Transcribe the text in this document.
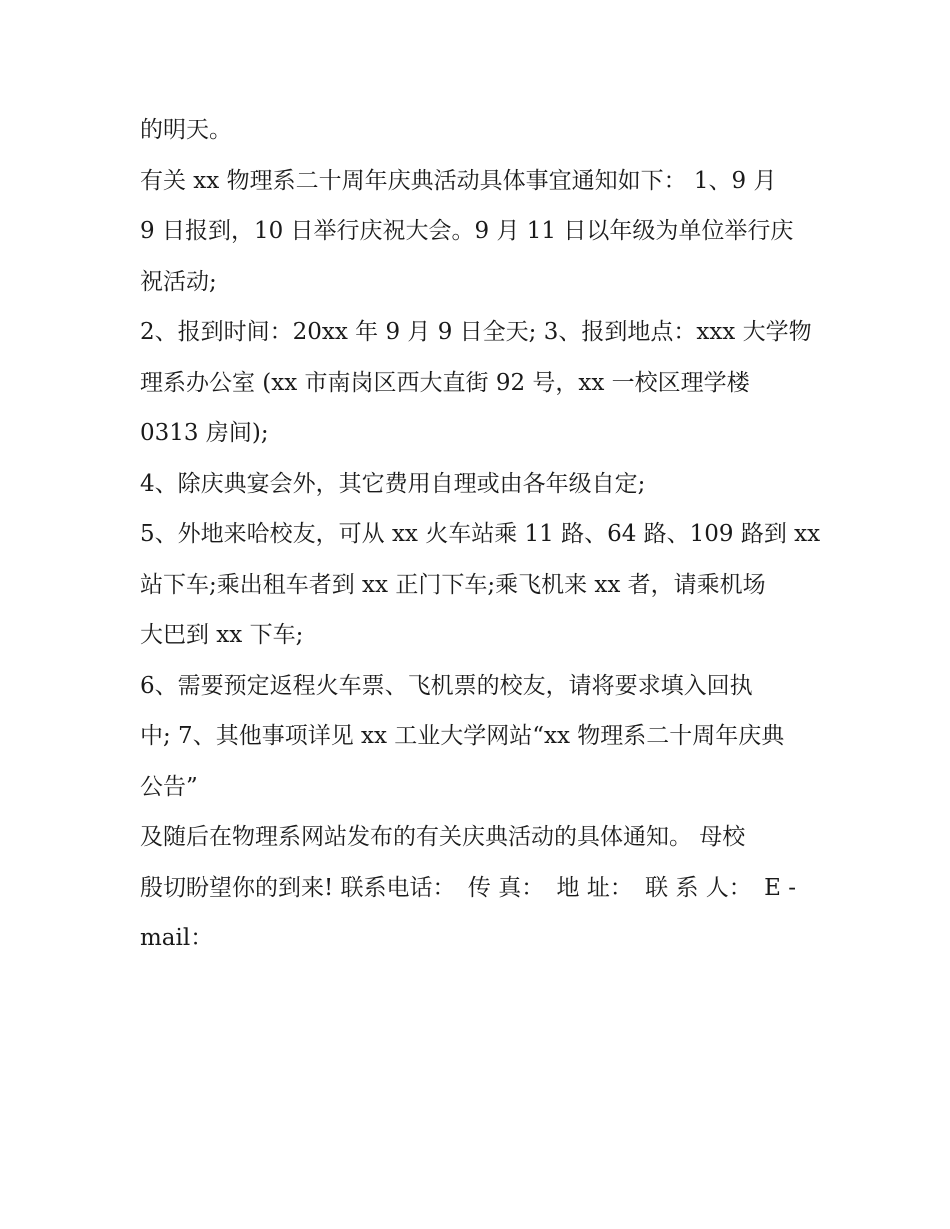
的明天。
有关 xx 物理系二十周年庆典活动具体事宜通知如下： 1、9 月
9 日报到，10 日举行庆祝大会。9 月 11 日以年级为单位举行庆
祝活动;
2、报到时间：20xx 年 9 月 9 日全天; 3、报到地点：xxx 大学物
理系办公室 (xx 市南岗区西大直街 92 号，xx 一校区理学楼
0313 房间);
4、除庆典宴会外，其它费用自理或由各年级自定;
5、外地来哈校友，可从 xx 火车站乘 11 路、64 路、109 路到 xx
站下车;乘出租车者到 xx 正门下车;乘飞机来 xx 者，请乘机场
大巴到 xx 下车;
6、需要预定返程火车票、飞机票的校友，请将要求填入回执
中; 7、其他事项详见 xx 工业大学网站“xx 物理系二十周年庆典
公告”
及随后在物理系网站发布的有关庆典活动的具体通知。 母校
殷切盼望你的到来! 联系电话： 传 真： 地 址： 联 系 人： E -
mail：
